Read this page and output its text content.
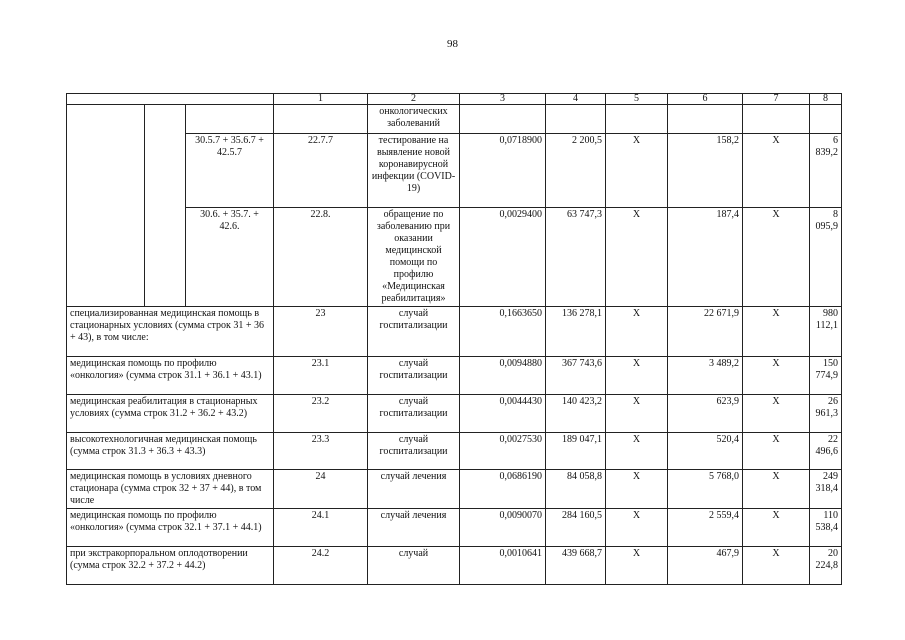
98
			1	2	3	4	5	6	7	8
				онкологических заболеваний						
		30.5.7 + 35.6.7 + 42.5.7	22.7.7	тестирование на выявление новой коронавирусной инфекции (COVID-19)	0,0718900	2 200,5	X	158,2	X	6 839,2
		30.6. + 35.7. + 42.6.	22.8.	обращение по заболеванию при оказании медицинской помощи по профилю «Медицинская реабилитация»	0,0029400	63 747,3	X	187,4	X	8 095,9
специализированная медицинская помощь в стационарных условиях (сумма строк 31 + 36 + 43), в том числе:			23	случай госпитализации	0,1663650	136 278,1	X	22 671,9	X	980 112,1
медицинская помощь по профилю «онкология» (сумма строк 31.1 + 36.1 + 43.1)			23.1	случай госпитализации	0,0094880	367 743,6	X	3 489,2	X	150 774,9
медицинская реабилитация в стационарных условиях (сумма строк 31.2 + 36.2 + 43.2)			23.2	случай госпитализации	0,0044430	140 423,2	X	623,9	X	26 961,3
высокотехнологичная медицинская помощь (сумма строк 31.3 + 36.3 + 43.3)			23.3	случай госпитализации	0,0027530	189 047,1	X	520,4	X	22 496,6
медицинская помощь в условиях дневного стационара (сумма строк 32 + 37 + 44), в том числе			24	случай лечения	0,0686190	84 058,8	X	5 768,0	X	249 318,4
медицинская помощь по профилю «онкология» (сумма строк 32.1 + 37.1 + 44.1)			24.1	случай лечения	0,0090070	284 160,5	X	2 559,4	X	110 538,4
при экстракорпоральном оплодотворении (сумма строк 32.2 + 37.2 + 44.2)			24.2	случай	0,0010641	439 668,7	X	467,9	X	20 224,8
